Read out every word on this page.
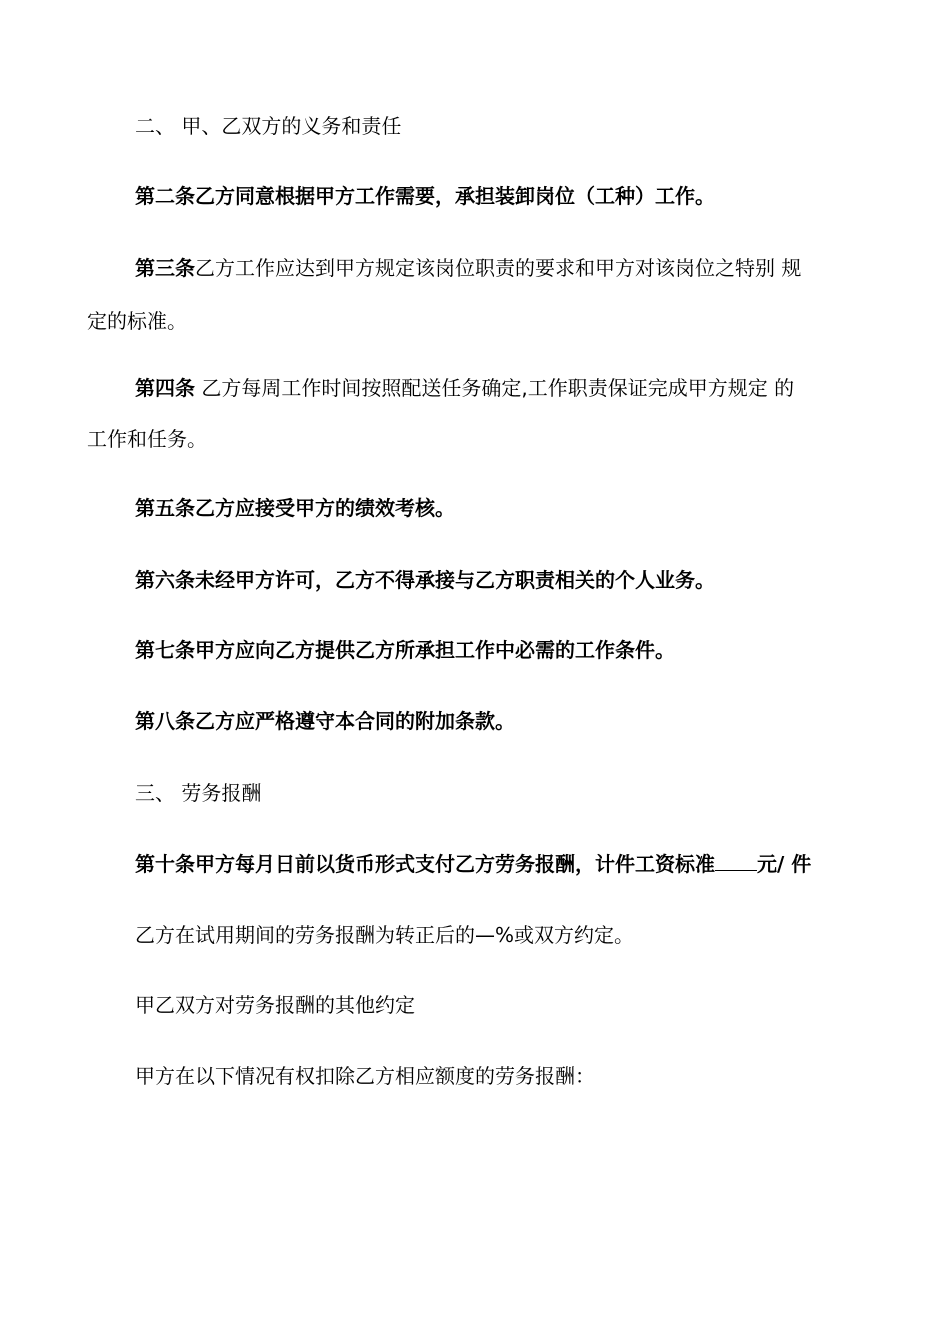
二、 甲、乙双方的义务和责任
第二条乙方同意根据甲方工作需要，承担装卸岗位（工种）工作。
第三条乙方工作应达到甲方规定该岗位职责的要求和甲方对该岗位之特别 规
定的标准。
第四条 乙方每周工作时间按照配送任务确定,工作职责保证完成甲方规定 的
工作和任务。
第五条乙方应接受甲方的绩效考核。
第六条未经甲方许可，乙方不得承接与乙方职责相关的个人业务。
第七条甲方应向乙方提供乙方所承担工作中必需的工作条件。
第八条乙方应严格遵守本合同的附加条款。
三、 劳务报酬
第十条甲方每月日前以货币形式支付乙方劳务报酬，计件工资标准 元/ 件
乙方在试用期间的劳务报酬为转正后的—%或双方约定。
甲乙双方对劳务报酬的其他约定
甲方在以下情况有权扣除乙方相应额度的劳务报酬：
